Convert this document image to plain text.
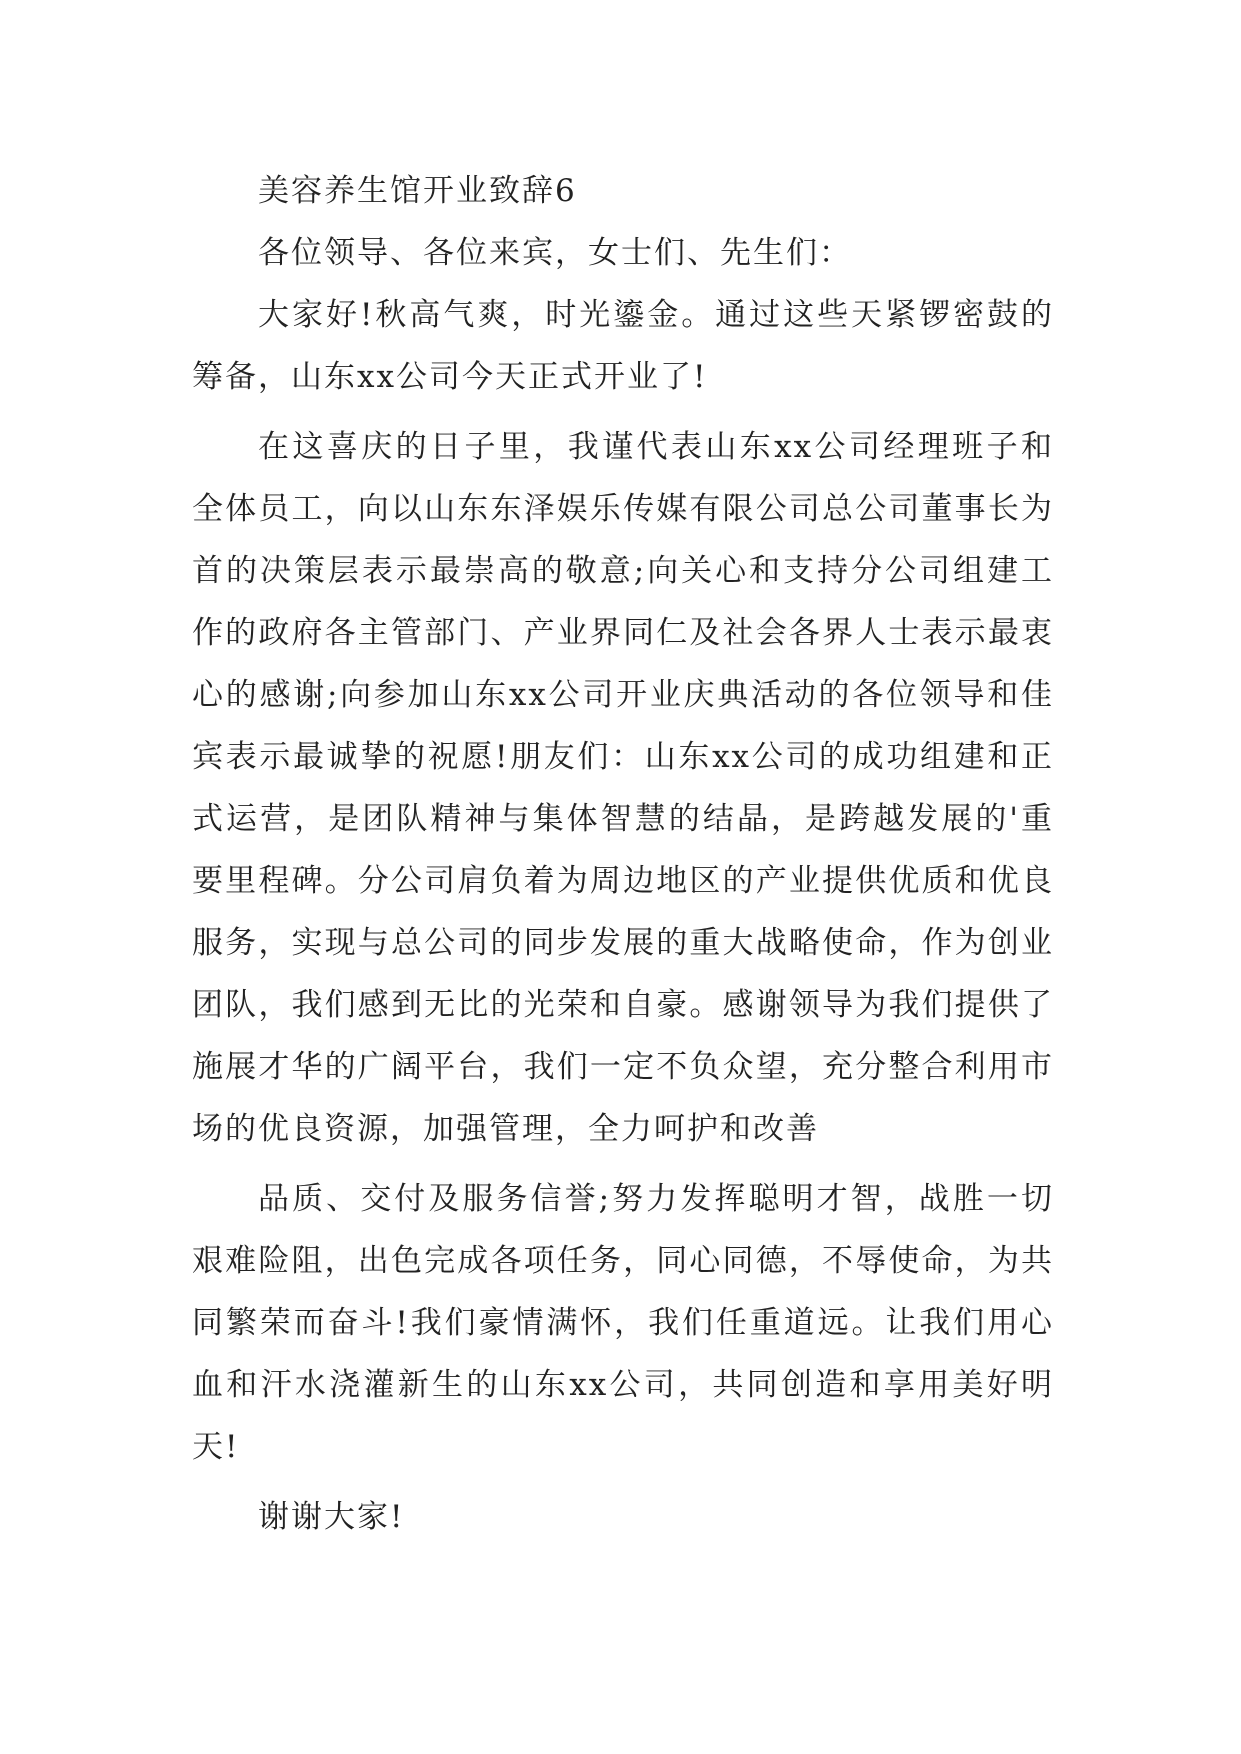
美容养生馆开业致辞6

各位领导、各位来宾，女士们、先生们：

大家好!秋高气爽，时光鎏金。通过这些天紧锣密鼓的筹备，山东xx公司今天正式开业了!

在这喜庆的日子里，我谨代表山东xx公司经理班子和全体员工，向以山东东泽娱乐传媒有限公司总公司董事长为首的决策层表示最崇高的敬意;向关心和支持分公司组建工作的政府各主管部门、产业界同仁及社会各界人士表示最衷心的感谢;向参加山东xx公司开业庆典活动的各位领导和佳宾表示最诚挚的祝愿!朋友们：山东xx公司的成功组建和正式运营，是团队精神与集体智慧的结晶，是跨越发展的'重要里程碑。分公司肩负着为周边地区的产业提供优质和优良服务，实现与总公司的同步发展的重大战略使命，作为创业团队，我们感到无比的光荣和自豪。感谢领导为我们提供了施展才华的广阔平台，我们一定不负众望，充分整合利用市场的优良资源，加强管理，全力呵护和改善

品质、交付及服务信誉;努力发挥聪明才智，战胜一切艰难险阻，出色完成各项任务，同心同德，不辱使命，为共同繁荣而奋斗!我们豪情满怀，我们任重道远。让我们用心血和汗水浇灌新生的山东xx公司，共同创造和享用美好明天!

谢谢大家!
